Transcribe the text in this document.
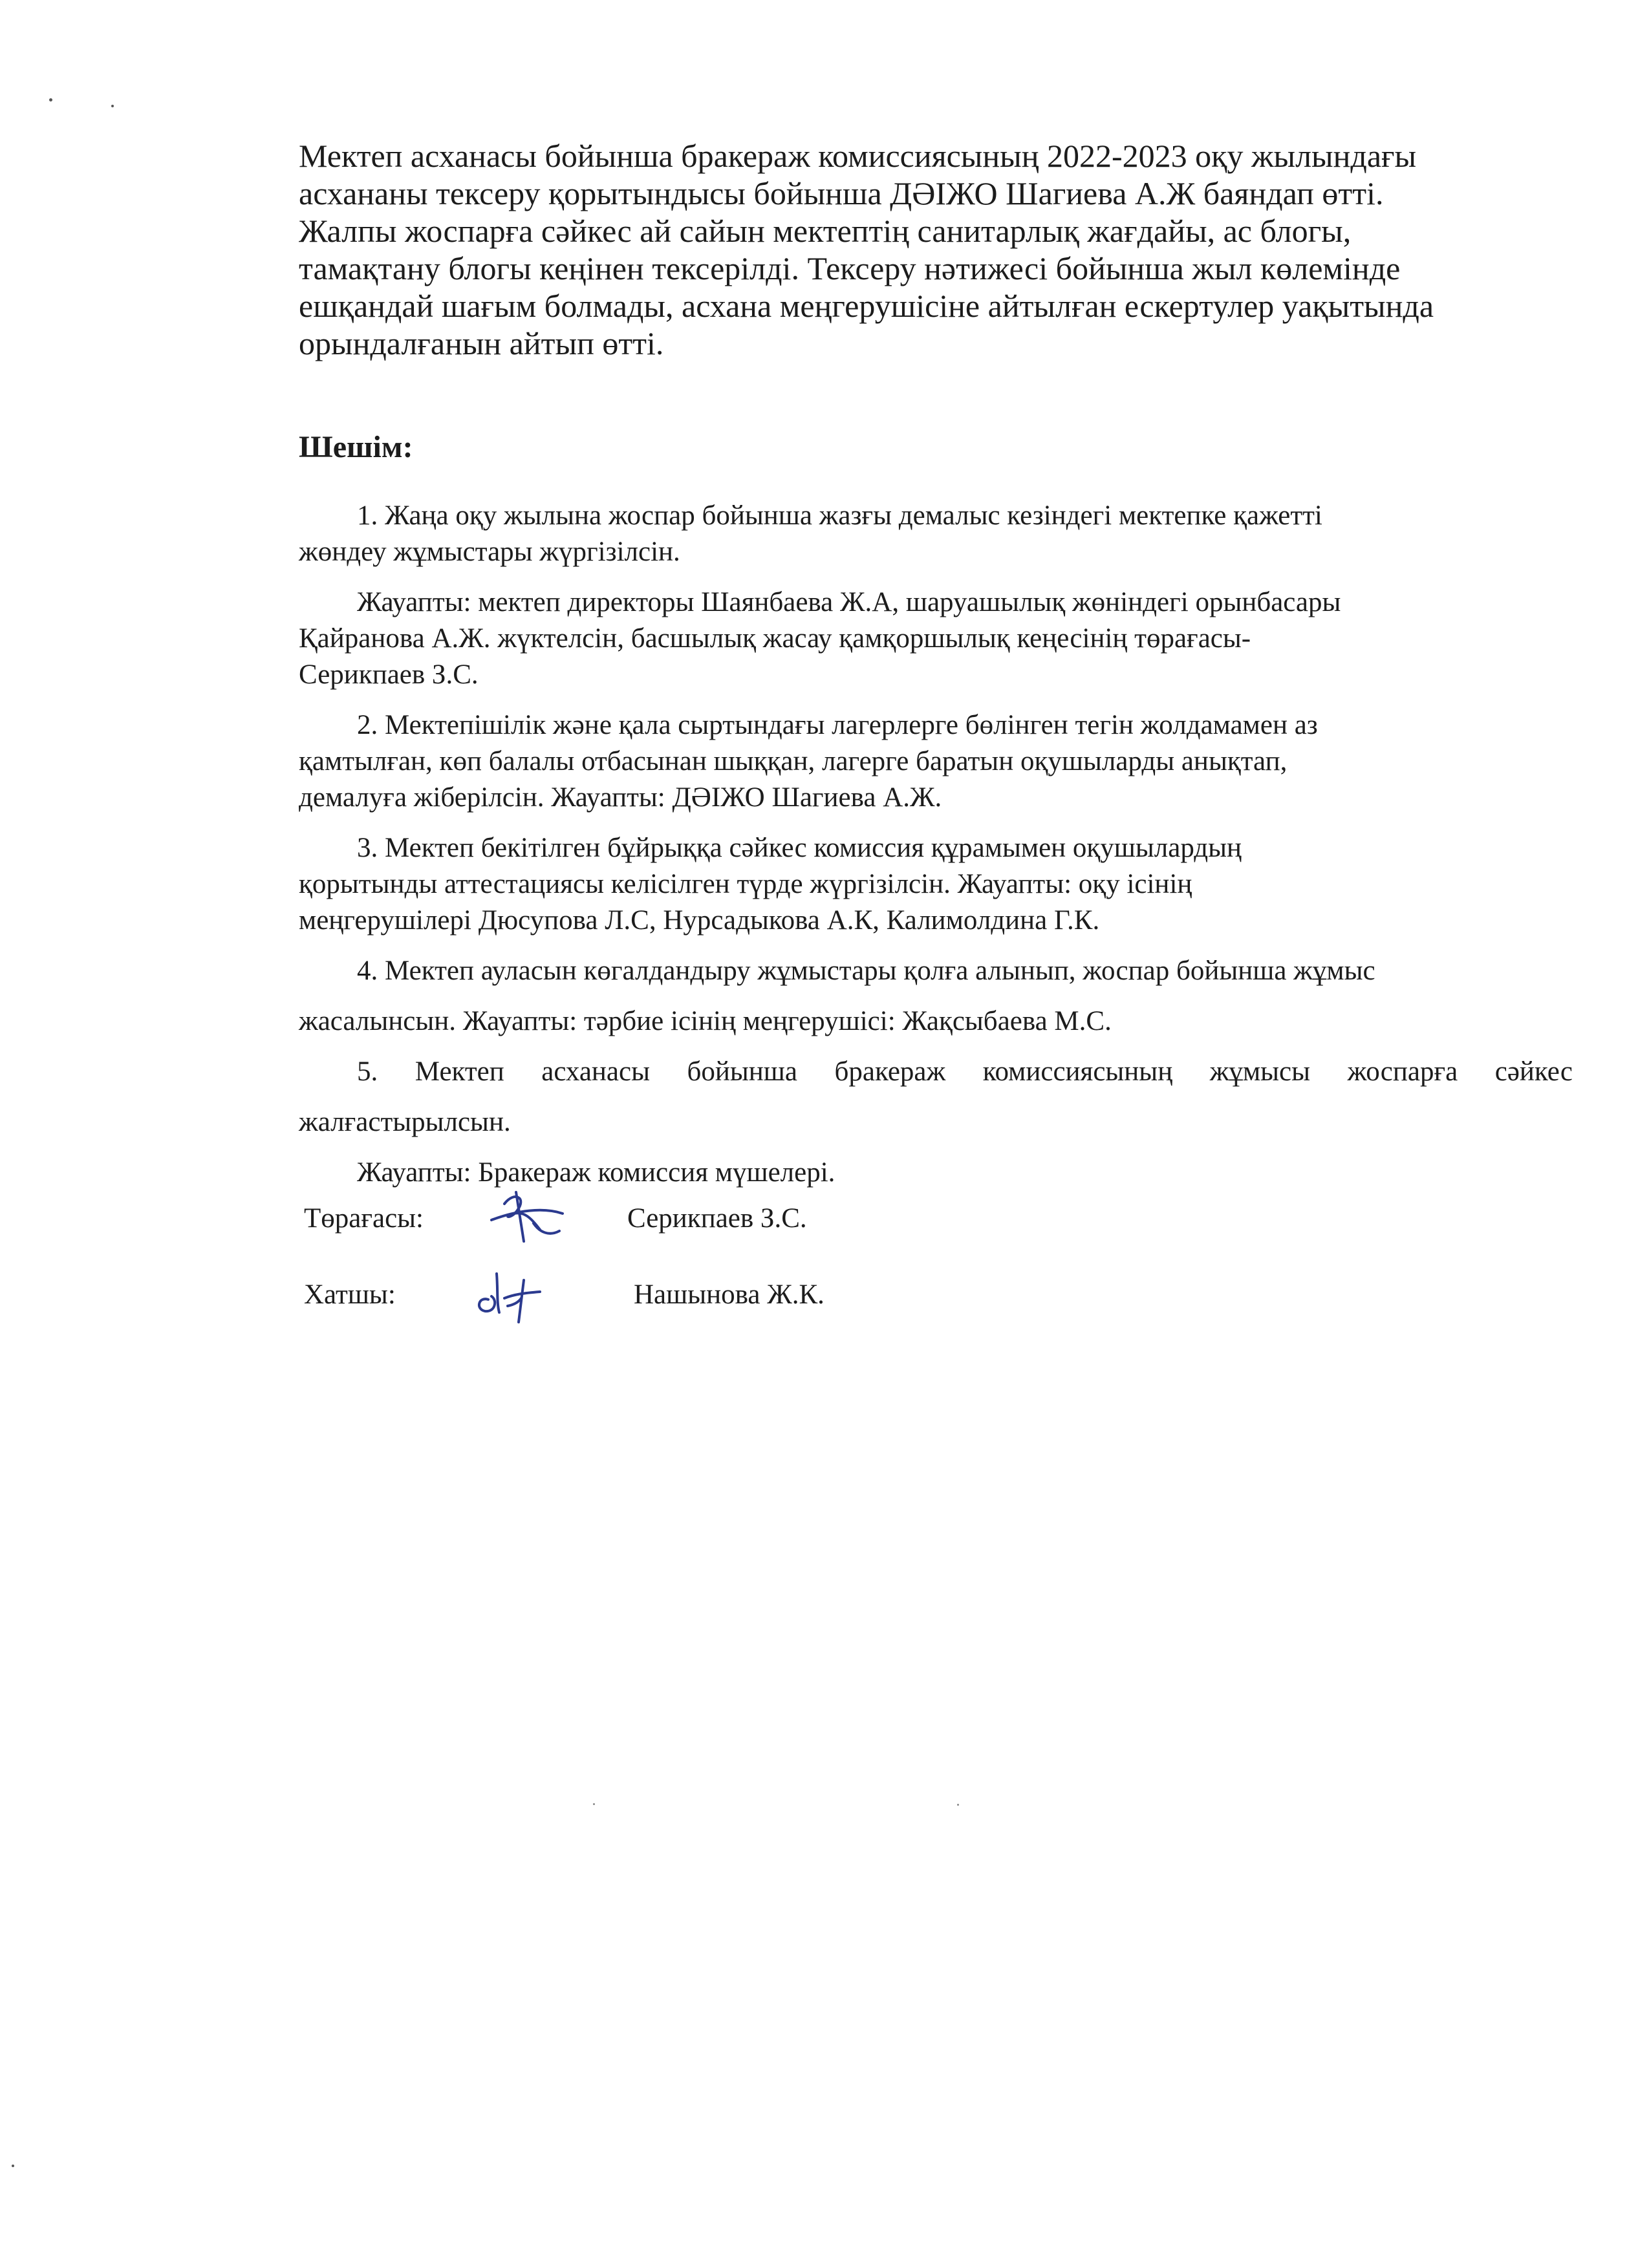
Мектеп асханасы бойынша бракераж комиссиясының 2022-2023 оқу жылындағы
асхананы тексеру қорытындысы бойынша ДӘІЖО Шагиева А.Ж баяндап өтті.
Жалпы жоспарға сәйкес ай сайын мектептің санитарлық жағдайы, ас блогы,
тамақтану блогы кеңінен тексерілді. Тексеру нәтижесі бойынша жыл көлемінде
ешқандай шағым болмады, асхана меңгерушісіне айтылған ескертулер уақытында
орындалғанын айтып өтті.

Шешім:
1. Жаңа оқу жылына жоспар бойынша жазғы демалыс кезіндегі мектепке қажетті
жөндеу жұмыстары жүргізілсін.
Жауапты: мектеп директоры Шаянбаева Ж.А, шаруашылық жөніндегі орынбасары
Қайранова А.Ж. жүктелсін, басшылық жасау қамқоршылық кеңесінің төрағасы-
Серикпаев З.С.
2. Мектепішілік және қала сыртындағы лагерлерге бөлінген тегін жолдамамен аз
қамтылған, көп балалы отбасынан шыққан, лагерге баратын оқушыларды анықтап,
демалуға жіберілсін. Жауапты: ДӘІЖО Шагиева А.Ж.
3. Мектеп бекітілген бұйрыққа сәйкес комиссия құрамымен оқушылардың
қорытынды аттестациясы келісілген түрде жүргізілсін. Жауапты: оқу ісінің
меңгерушілері Дюсупова Л.С, Нурсадыкова А.К, Калимолдина Г.К.
4. Мектеп ауласын көгалдандыру жұмыстары қолға алынып, жоспар бойынша жұмыс
жасалынсын. Жауапты: тәрбие ісінің меңгерушісі: Жақсыбаева М.С.
5. Мектеп асханасы бойынша бракераж комиссиясының жұмысы жоспарға сәйкес
жалғастырылсын.
Жауапты: Бракераж комиссия мүшелері.
Төрағасы:	Серикпаев З.С.
Хатшы:	Нашынова Ж.К.
